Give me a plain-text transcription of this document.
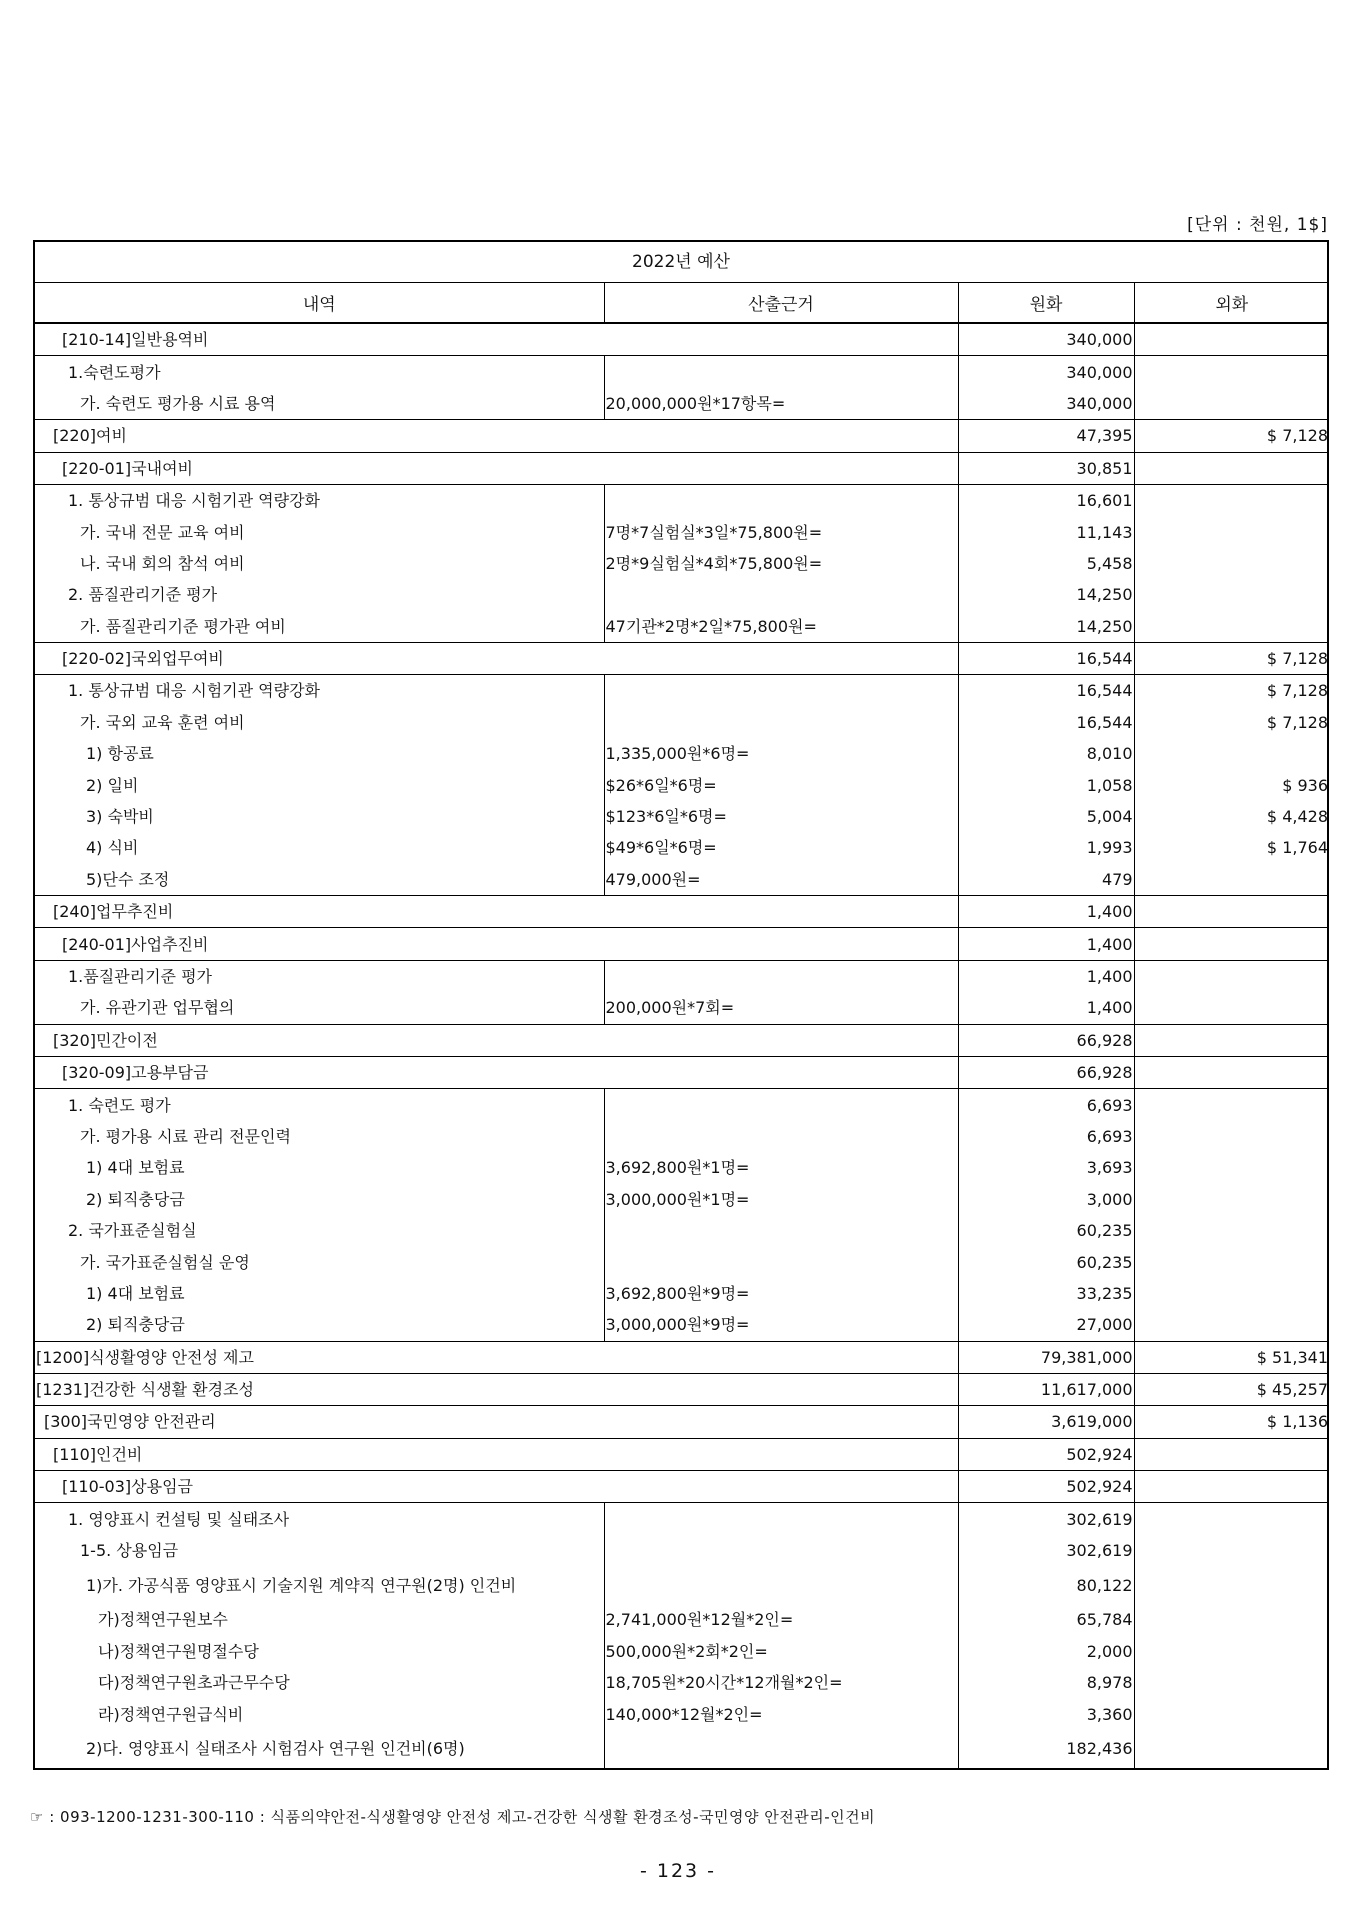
[단위 : 천원, 1$]
2022년 예산
내역	산출근거	원화	외화
[210-14]일반용역비		340,000	
1.숙련도평가		340,000	
가. 숙련도 평가용 시료 용역	20,000,000원*17항목=	340,000	
[220]여비		47,395	$ 7,128
[220-01]국내여비		30,851	
1. 통상규범 대응 시험기관 역량강화		16,601	
가. 국내 전문 교육 여비	7명*7실험실*3일*75,800원=	11,143	
나. 국내 회의 참석 여비	2명*9실험실*4회*75,800원=	5,458	
2. 품질관리기준 평가		14,250	
가. 품질관리기준 평가관 여비	47기관*2명*2일*75,800원=	14,250	
[220-02]국외업무여비		16,544	$ 7,128
1. 통상규범 대응 시험기관 역량강화		16,544	$ 7,128
가. 국외 교육 훈련 여비		16,544	$ 7,128
1) 항공료	1,335,000원*6명=	8,010	
2) 일비	$26*6일*6명=	1,058	$ 936
3) 숙박비	$123*6일*6명=	5,004	$ 4,428
4) 식비	$49*6일*6명=	1,993	$ 1,764
5)단수 조정	479,000원=	479	
[240]업무추진비		1,400	
[240-01]사업추진비		1,400	
1.품질관리기준 평가		1,400	
가. 유관기관 업무협의	200,000원*7회=	1,400	
[320]민간이전		66,928	
[320-09]고용부담금		66,928	
1. 숙련도 평가		6,693	
가. 평가용 시료 관리 전문인력		6,693	
1) 4대 보험료	3,692,800원*1명=	3,693	
2) 퇴직충당금	3,000,000원*1명=	3,000	
2. 국가표준실험실		60,235	
가. 국가표준실험실 운영		60,235	
1) 4대 보험료	3,692,800원*9명=	33,235	
2) 퇴직충당금	3,000,000원*9명=	27,000	
[1200]식생활영양 안전성 제고		79,381,000	$ 51,341
[1231]건강한 식생활 환경조성		11,617,000	$ 45,257
[300]국민영양 안전관리		3,619,000	$ 1,136
[110]인건비		502,924	
[110-03]상용임금		502,924	
1. 영양표시 컨설팅 및 실태조사		302,619	
1-5. 상용임금		302,619	
1)가. 가공식품 영양표시 기술지원 계약직 연구원(2명) 인건비		80,122	
가)정책연구원보수	2,741,000원*12월*2인=	65,784	
나)정책연구원명절수당	500,000원*2회*2인=	2,000	
다)정책연구원초과근무수당	18,705원*20시간*12개월*2인=	8,978	
라)정책연구원급식비	140,000*12월*2인=	3,360	
2)다. 영양표시 실태조사 시험검사 연구원 인건비(6명)		182,436	
☞ : 093-1200-1231-300-110 : 식품의약안전-식생활영양 안전성 제고-건강한 식생활 환경조성-국민영양 안전관리-인건비
- 123 -
